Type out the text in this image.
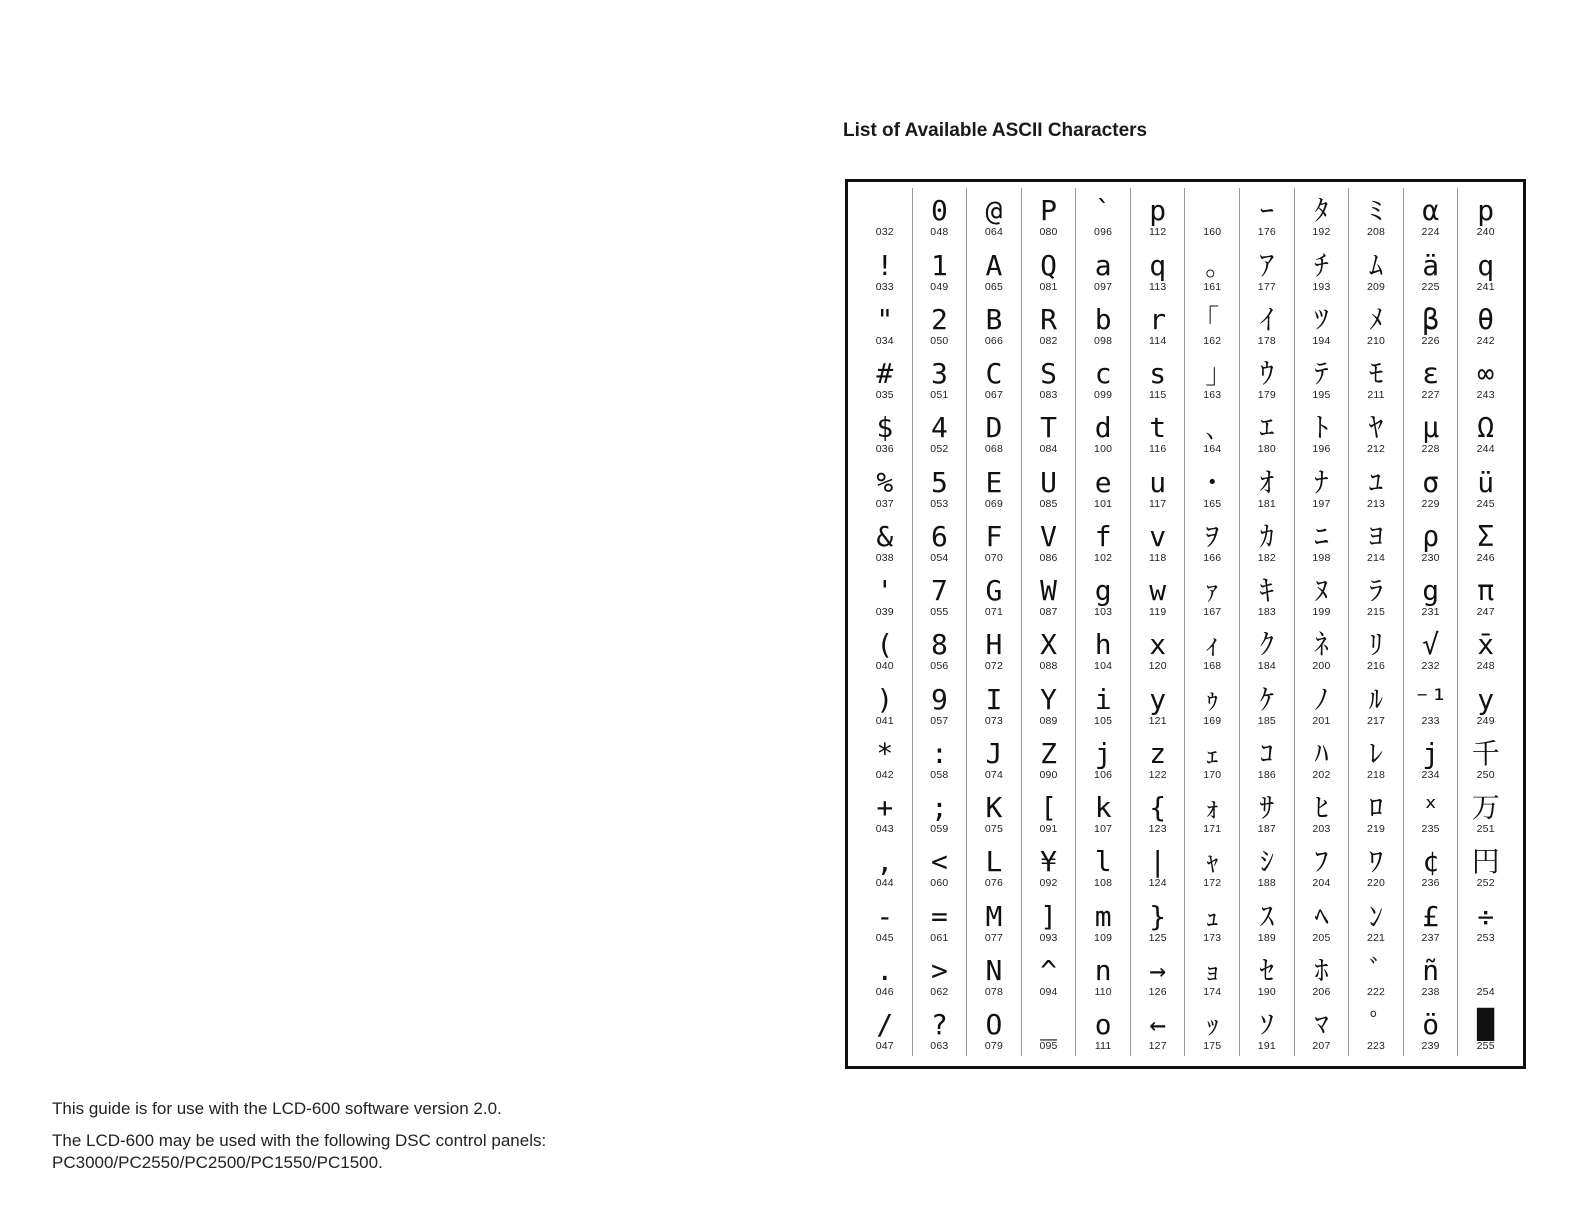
List of Available ASCII Characters

032
!
033
"
034
#
035
$
036
%
037
&
038
'
039
(
040
)
041
*
042
+
043
,
044
-
045
.
046
/
047
0
048
1
049
2
050
3
051
4
052
5
053
6
054
7
055
8
056
9
057
:
058
;
059
<
060
=
061
>
062
?
063
@
064
A
065
B
066
C
067
D
068
E
069
F
070
G
071
H
072
I
073
J
074
K
075
L
076
M
077
N
078
O
079
P
080
Q
081
R
082
S
083
T
084
U
085
V
086
W
087
X
088
Y
089
Z
090
[
091
¥
092
]
093
^
094
_
095
`
096
a
097
b
098
c
099
d
100
e
101
f
102
g
103
h
104
i
105
j
106
k
107
l
108
m
109
n
110
o
111
p
112
q
113
r
114
s
115
t
116
u
117
v
118
w
119
x
120
y
121
z
122
{
123
|
124
}
125
→
126
←
127

160
｡
161
｢
162
｣
163
､
164
･
165
ｦ
166
ｧ
167
ｨ
168
ｩ
169
ｪ
170
ｫ
171
ｬ
172
ｭ
173
ｮ
174
ｯ
175
ｰ
176
ｱ
177
ｲ
178
ｳ
179
ｴ
180
ｵ
181
ｶ
182
ｷ
183
ｸ
184
ｹ
185
ｺ
186
ｻ
187
ｼ
188
ｽ
189
ｾ
190
ｿ
191
ﾀ
192
ﾁ
193
ﾂ
194
ﾃ
195
ﾄ
196
ﾅ
197
ﾆ
198
ﾇ
199
ﾈ
200
ﾉ
201
ﾊ
202
ﾋ
203
ﾌ
204
ﾍ
205
ﾎ
206
ﾏ
207
ﾐ
208
ﾑ
209
ﾒ
210
ﾓ
211
ﾔ
212
ﾕ
213
ﾖ
214
ﾗ
215
ﾘ
216
ﾙ
217
ﾚ
218
ﾛ
219
ﾜ
220
ﾝ
221
ﾞ
222
ﾟ
223
α
224
ä
225
β
226
ε
227
μ
228
σ
229
ρ
230
g
231
√
232
⁻¹
233
j
234
ˣ
235
¢
236
£
237
ñ
238
ö
239
p
240
q
241
θ
242
∞
243
Ω
244
ü
245
Σ
246
π
247
x̄
248
y
249
千
250
万
251
円
252
÷
253

254
█
255

This guide is for use with the LCD-600 software version 2.0.

The LCD-600 may be used with the following DSC control panels:

PC3000/PC2550/PC2500/PC1550/PC1500.
